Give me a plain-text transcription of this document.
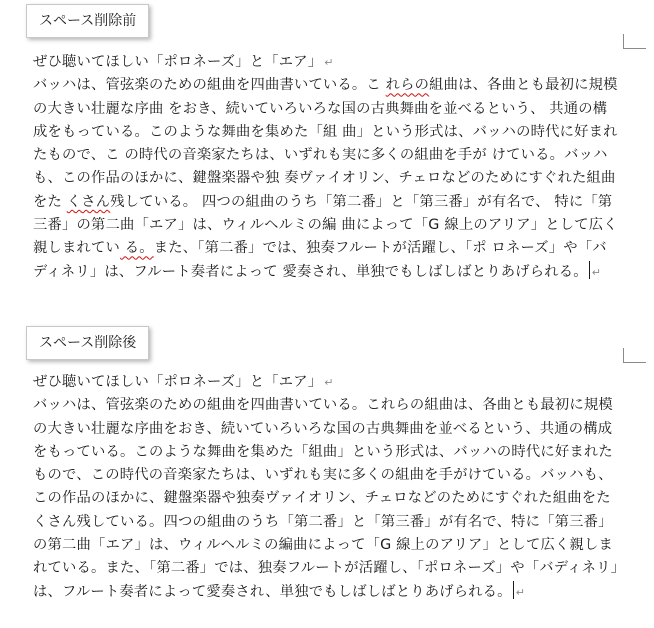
スペース削除前
ぜひ聴いてほしい「ポロネーズ」と「エア」 ↵
バッハは、管弦楽のための組曲を四曲書いている。こ れらの組曲は、各曲とも最初に規模
の大きい壮麗な序曲 をおき、続いていろいろな国の古典舞曲を並べるという、 共通の構
成をもっている。このような舞曲を集めた「組 曲」という形式は、バッハの時代に好まれ
たもので、こ の時代の音楽家たちは、いずれも実に多くの組曲を手が けている。バッハ
も、この作品のほかに、鍵盤楽器や独 奏ヴァイオリン、チェロなどのためにすぐれた組曲
をた くさん残している。 四つの組曲のうち「第二番」と「第三番」が有名で、 特に「第
三番」の第二曲「エア」は、ウィルヘルミの編 曲によって「G 線上のアリア」として広く
親しまれてい る。また、「第二番」では、独奏フルートが活躍し、「ポ ロネーズ」や「バ
ディネリ」は、フルート奏者によって 愛奏され、単独でもしばしばとりあげられる。 ↵
スペース削除後
ぜひ聴いてほしい「ポロネーズ」と「エア」 ↵
バッハは、管弦楽のための組曲を四曲書いている。これらの組曲は、各曲とも最初に規模
の大きい壮麗な序曲をおき、続いていろいろな国の古典舞曲を並べるという、共通の構成
をもっている。このような舞曲を集めた「組曲」という形式は、バッハの時代に好まれた
もので、この時代の音楽家たちは、いずれも実に多くの組曲を手がけている。バッハも、
この作品のほかに、鍵盤楽器や独奏ヴァイオリン、チェロなどのためにすぐれた組曲をた
くさん残している。四つの組曲のうち「第二番」と「第三番」が有名で、特に「第三番」
の第二曲「エア」は、ウィルヘルミの編曲によって「G 線上のアリア」として広く親しま
れている。また、「第二番」では、独奏フルートが活躍し、「ポロネーズ」や「バディネリ」
は、フルート奏者によって愛奏され、単独でもしばしばとりあげられる。 ↵
